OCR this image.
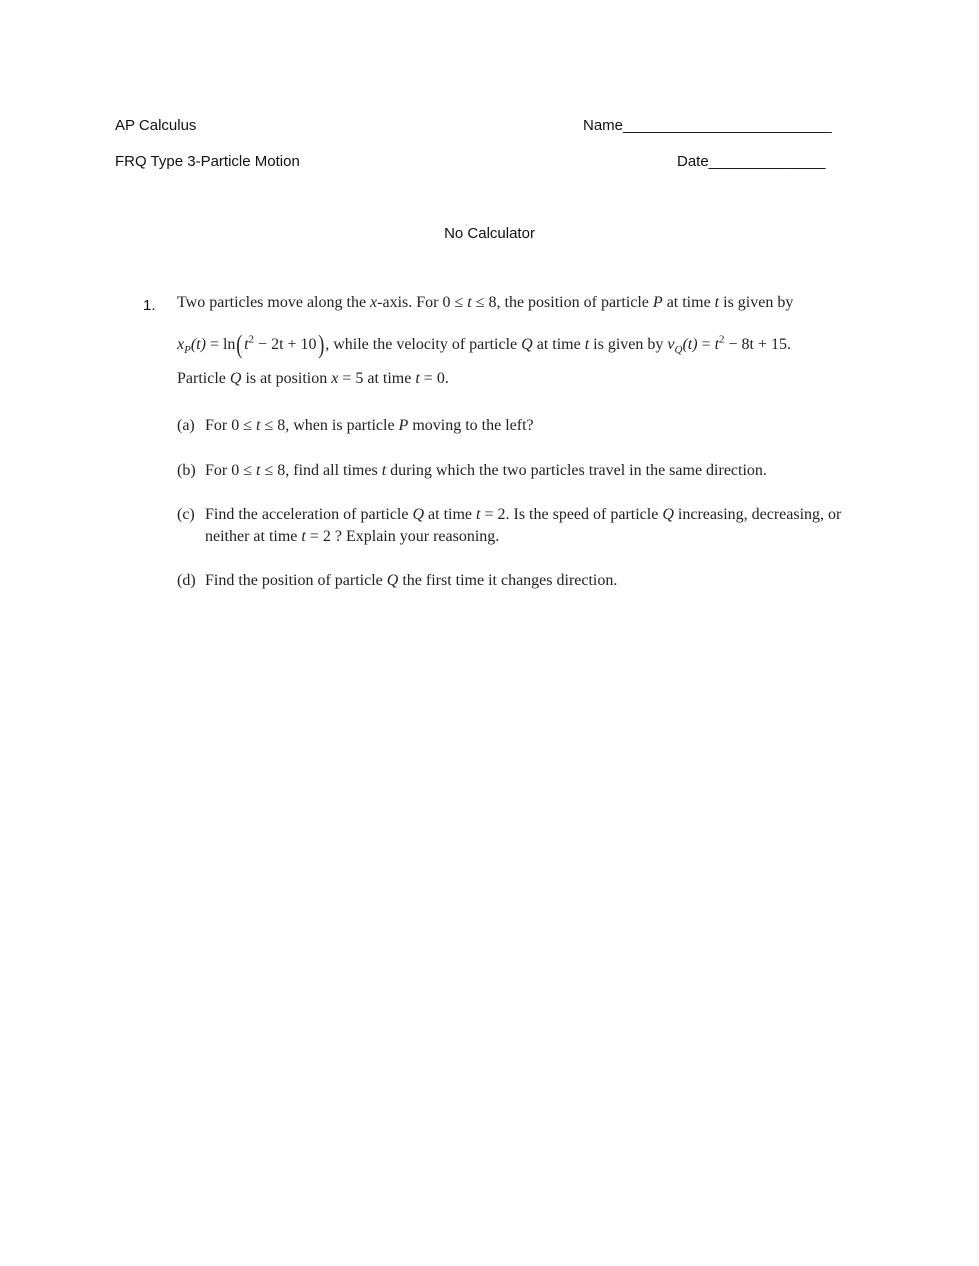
AP Calculus	Name_________________________
FRQ Type 3-Particle Motion	Date______________
No Calculator
1. Two particles move along the x-axis. For 0 ≤ t ≤ 8, the position of particle P at time t is given by
$x_P(t) = \ln(t^2 - 2t + 10)$, while the velocity of particle Q at time t is given by $v_Q(t) = t^2 - 8t + 15$.
Particle Q is at position x = 5 at time t = 0.
(a) For 0 ≤ t ≤ 8, when is particle P moving to the left?
(b) For 0 ≤ t ≤ 8, find all times t during which the two particles travel in the same direction.
(c) Find the acceleration of particle Q at time t = 2. Is the speed of particle Q increasing, decreasing, or
neither at time t = 2 ? Explain your reasoning.
(d) Find the position of particle Q the first time it changes direction.
